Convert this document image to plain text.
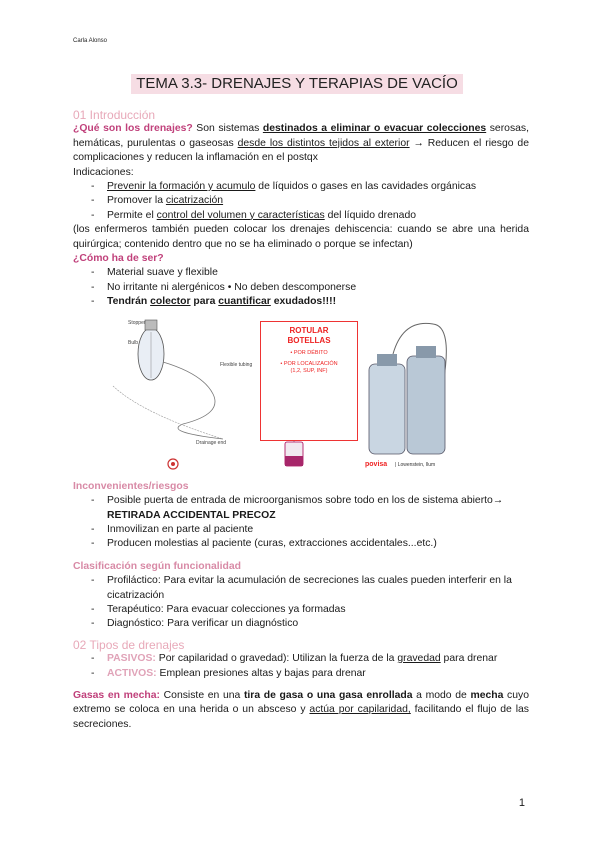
Carla Alonso
TEMA 3.3- DRENAJES Y TERAPIAS DE VACÍO
01 Introducción
¿Qué son los drenajes? Son sistemas destinados a eliminar o evacuar colecciones serosas, hemáticas, purulentas o gaseosas desde los distintos tejidos al exterior → Reducen el riesgo de complicaciones y reducen la inflamación en el postqx
Indicaciones:
- Prevenir la formación y acumulo de líquidos o gases en las cavidades orgánicas
- Promover la cicatrización
- Permite el control del volumen y características del líquido drenado
(los enfermeros también pueden colocar los drenajes dehiscencia: cuando se abre una herida quirúrgica; contenido dentro que no se ha eliminado o porque se infectan)
¿Cómo ha de ser?
- Material suave y flexible
- No irritante ni alergénicos • No deben descomponerse
- Tendrán colector para cuantificar exudados!!!!
Stopper
Bulb
Flexible tubing
Drainage end
povisa | Lowenstein, Ilum
ROTULAR
BOTELLAS
• POR DÉBITO
• POR LOCALIZACIÓN
(1,2, SUP, INF)
Inconvenientes/riesgos
- Posible puerta de entrada de microorganismos sobre todo en los de sistema abierto→ RETIRADA ACCIDENTAL PRECOZ
- Inmovilizan en parte al paciente
- Producen molestias al paciente (curas, extracciones accidentales...etc.)
Clasificación según funcionalidad
- Profiláctico: Para evitar la acumulación de secreciones las cuales pueden interferir en la cicatrización
- Terapéutico: Para evacuar colecciones ya formadas
- Diagnóstico: Para verificar un diagnóstico
02 Tipos de drenajes
- PASIVOS: Por capilaridad o gravedad): Utilizan la fuerza de la gravedad para drenar
- ACTIVOS: Emplean presiones altas y bajas para drenar
Gasas en mecha: Consiste en una tira de gasa o una gasa enrollada a modo de mecha cuyo extremo se coloca en una herida o un absceso y actúa por capilaridad, facilitando el flujo de las secreciones.
1
